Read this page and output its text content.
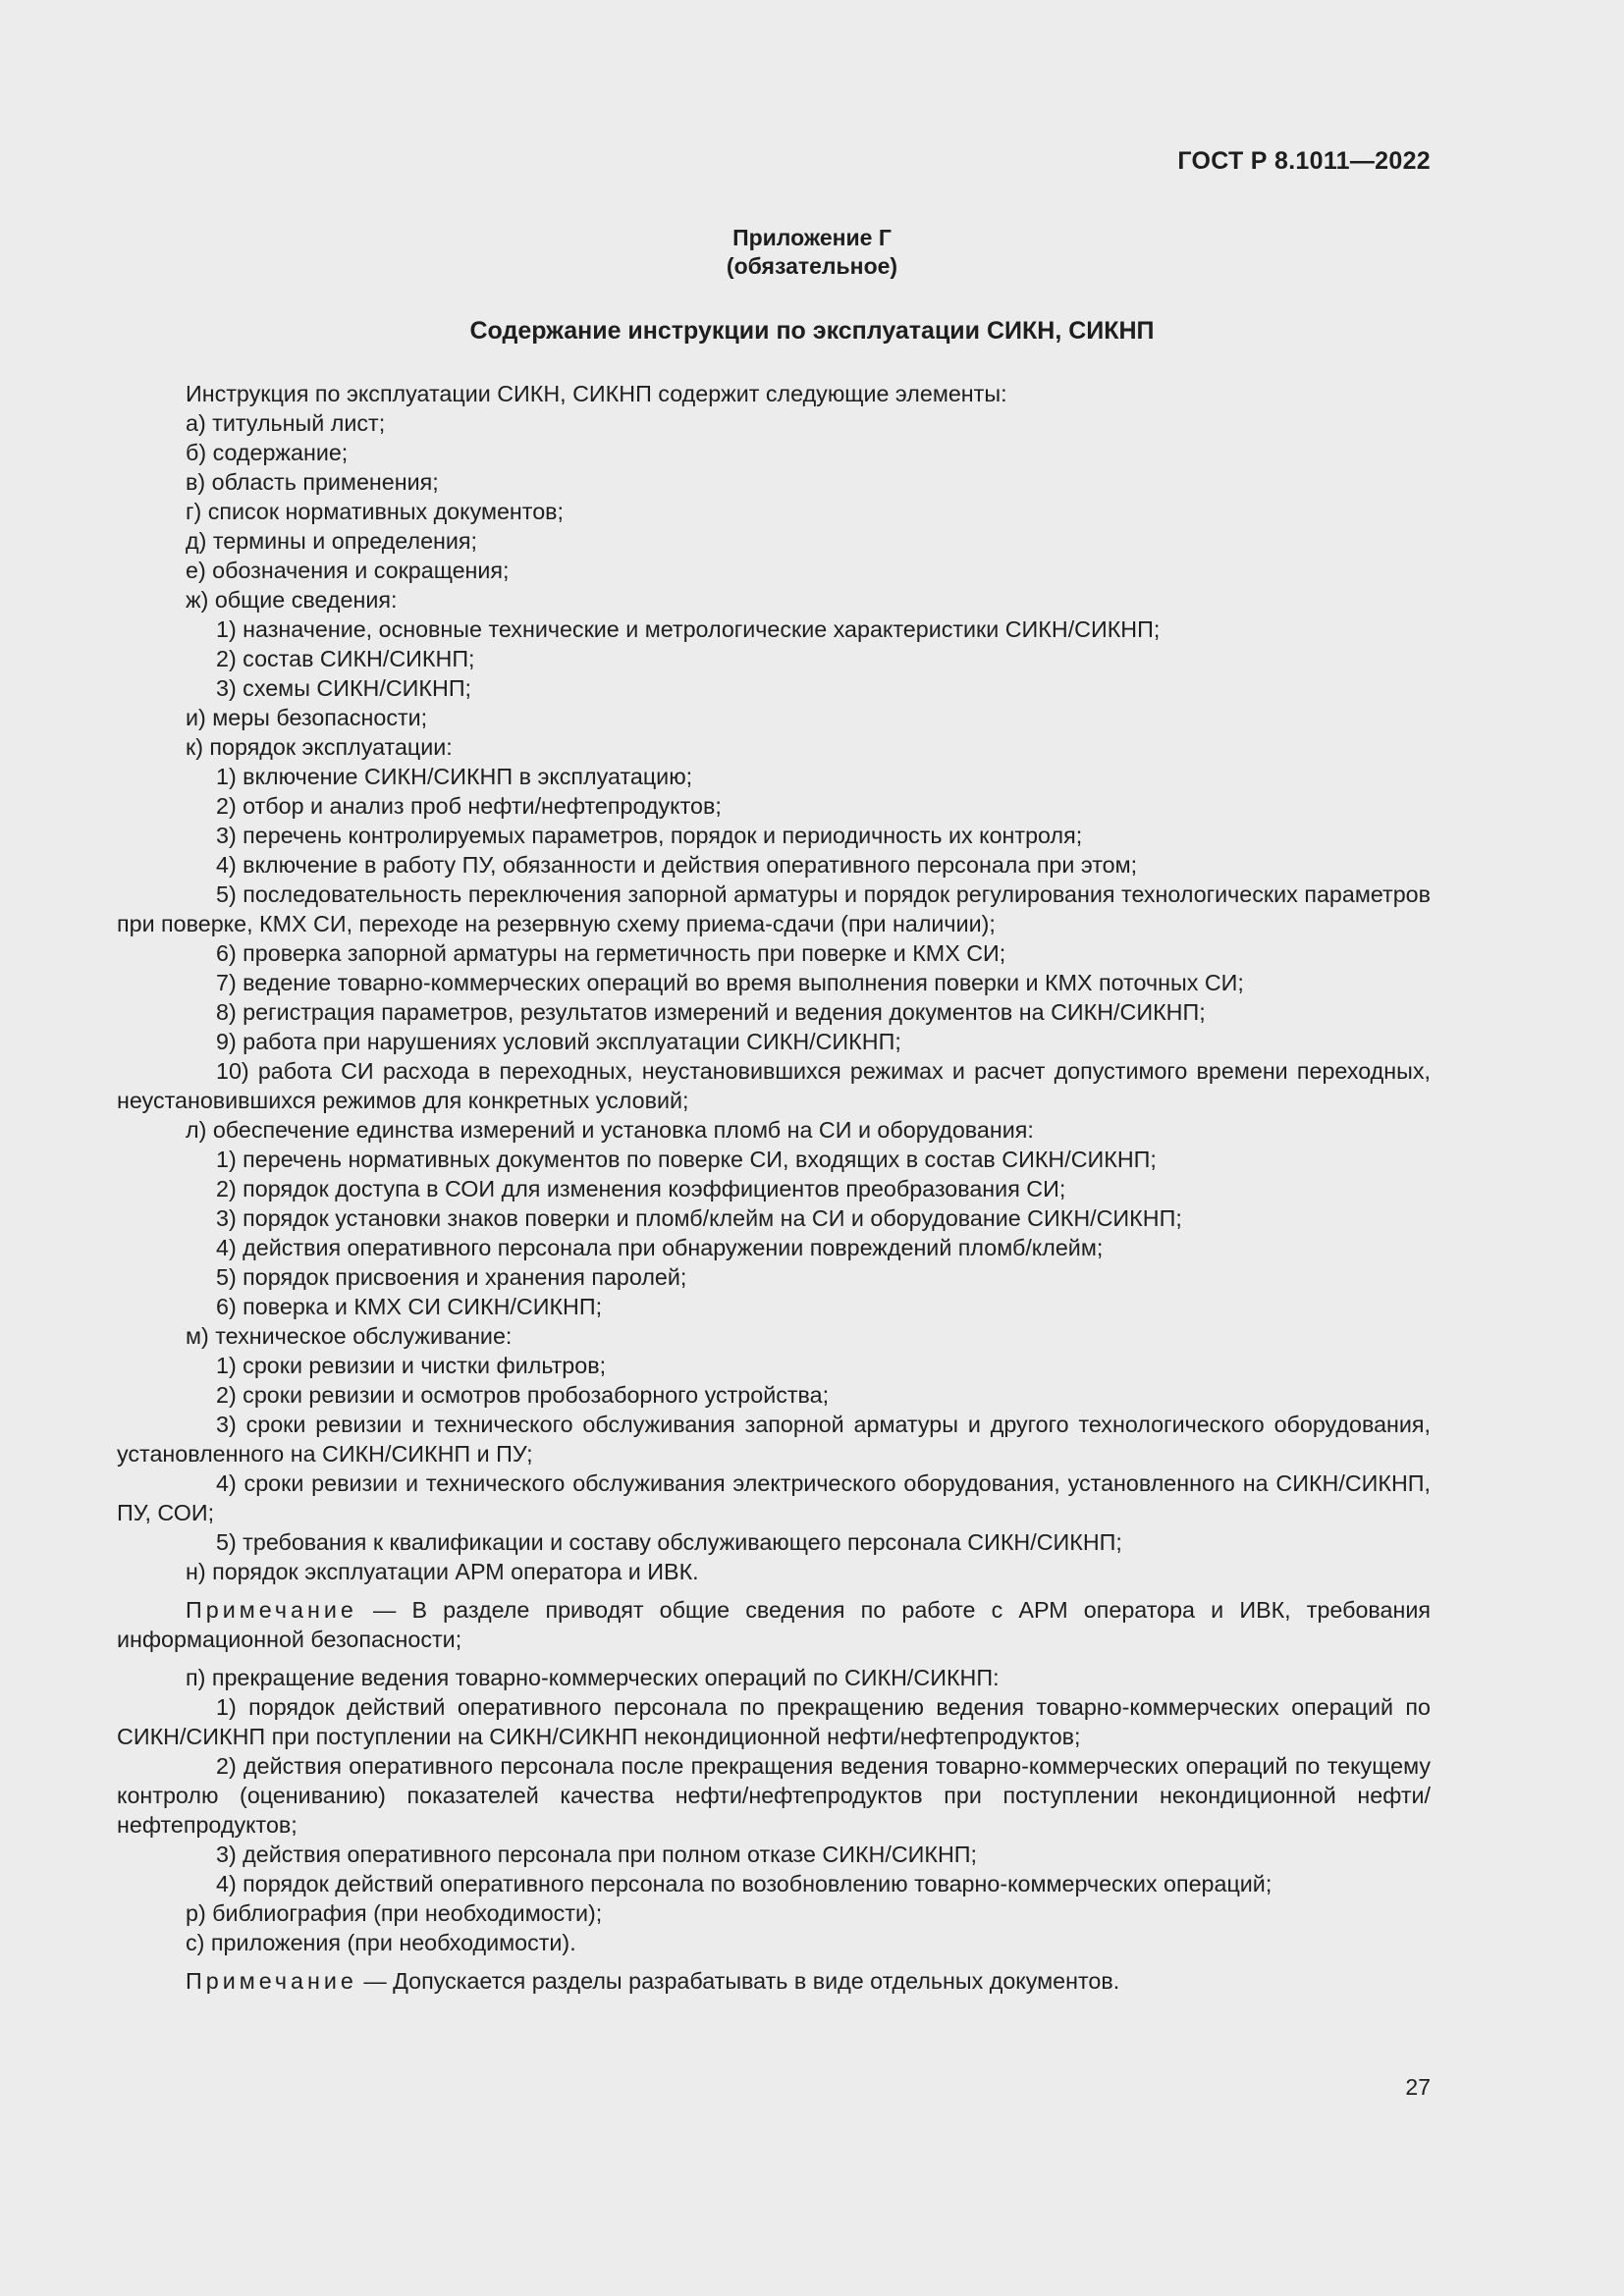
ГОСТ Р 8.1011—2022
Приложение Г
(обязательное)
Содержание инструкции по эксплуатации СИКН, СИКНП

Инструкция по эксплуатации СИКН, СИКНП содержит следующие элементы:

а) титульный лист;

б) содержание;

в) область применения;

г) список нормативных документов;

д) термины и определения;

е) обозначения и сокращения;

ж) общие сведения:

1) назначение, основные технические и метрологические характеристики СИКН/СИКНП;

2) состав СИКН/СИКНП;

3) схемы СИКН/СИКНП;

и) меры безопасности;

к) порядок эксплуатации:

1) включение СИКН/СИКНП в эксплуатацию;

2) отбор и анализ проб нефти/нефтепродуктов;

3) перечень контролируемых параметров, порядок и периодичность их контроля;

4) включение в работу ПУ, обязанности и действия оперативного персонала при этом;

5) последовательность переключения запорной арматуры и порядок регулирования технологических параметров при поверке, КМХ СИ, переходе на резервную схему приема-сдачи (при наличии);

6) проверка запорной арматуры на герметичность при поверке и КМХ СИ;

7) ведение товарно-коммерческих операций во время выполнения поверки и КМХ поточных СИ;

8) регистрация параметров, результатов измерений и ведения документов на СИКН/СИКНП;

9) работа при нарушениях условий эксплуатации СИКН/СИКНП;

10) работа СИ расхода в переходных, неустановившихся режимах и расчет допустимого времени переходных, неустановившихся режимов для конкретных условий;

л) обеспечение единства измерений и установка пломб на СИ и оборудования:

1) перечень нормативных документов по поверке СИ, входящих в состав СИКН/СИКНП;

2) порядок доступа в СОИ для изменения коэффициентов преобразования СИ;

3) порядок установки знаков поверки и пломб/клейм на СИ и оборудование СИКН/СИКНП;

4) действия оперативного персонала при обнаружении повреждений пломб/клейм;

5) порядок присвоения и хранения паролей;

6) поверка и КМХ СИ СИКН/СИКНП;

м) техническое обслуживание:

1) сроки ревизии и чистки фильтров;

2) сроки ревизии и осмотров пробозаборного устройства;

3) сроки ревизии и технического обслуживания запорной арматуры и другого технологического оборудования, установленного на СИКН/СИКНП и ПУ;

4) сроки ревизии и технического обслуживания электрического оборудования, установленного на СИКН/СИКНП, ПУ, СОИ;

5) требования к квалификации и составу обслуживающего персонала СИКН/СИКНП;

н) порядок эксплуатации АРМ оператора и ИВК.

Примечание — В разделе приводят общие сведения по работе с АРМ оператора и ИВК, требования информационной безопасности;

п) прекращение ведения товарно-коммерческих операций по СИКН/СИКНП:

1) порядок действий оперативного персонала по прекращению ведения товарно-коммерческих операций по СИКН/СИКНП при поступлении на СИКН/СИКНП некондиционной нефти/нефтепродуктов;

2) действия оперативного персонала после прекращения ведения товарно-коммерческих операций по текущему контролю (оцениванию) показателей качества нефти/нефтепродуктов при поступлении некондиционной нефти/нефтепродуктов;

3) действия оперативного персонала при полном отказе СИКН/СИКНП;

4) порядок действий оперативного персонала по возобновлению товарно-коммерческих операций;

р) библиография (при необходимости);

с) приложения (при необходимости).

Примечание — Допускается разделы разрабатывать в виде отдельных документов.

27
